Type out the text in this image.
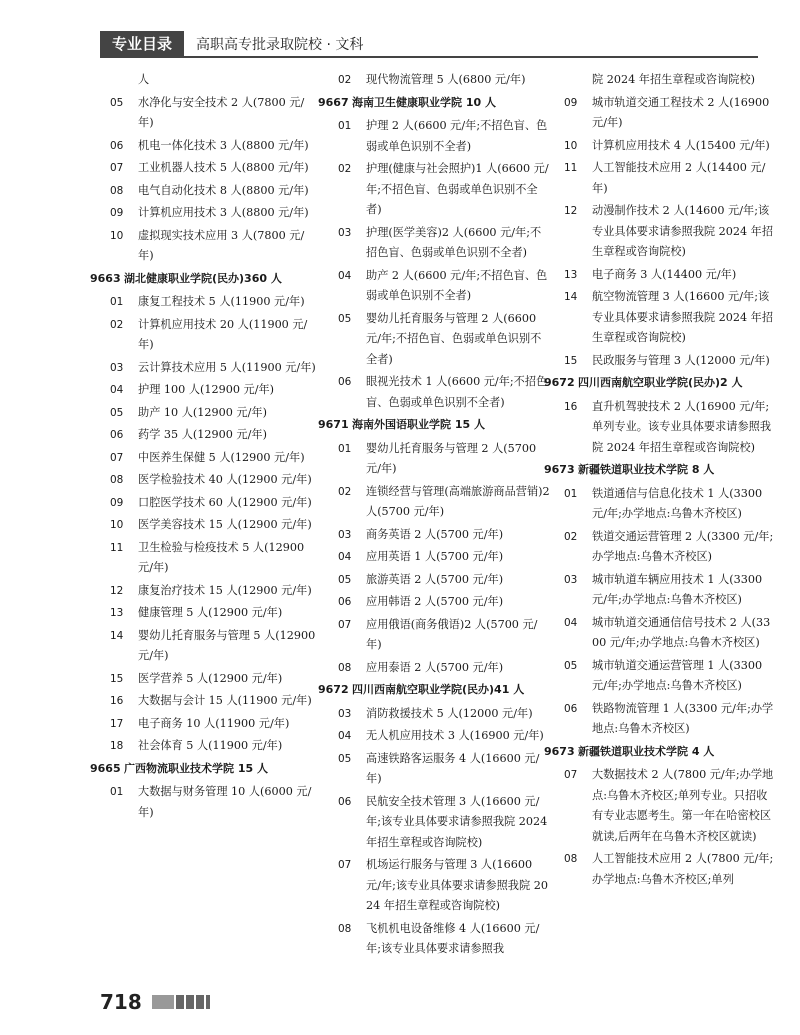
专业目录	高职高专批录取院校 · 文科
人
05	水净化与安全技术 2 人(7800 元/年)
06	机电一体化技术 3 人(8800 元/年)
07	工业机器人技术 5 人(8800 元/年)
08	电气自动化技术 8 人(8800 元/年)
09	计算机应用技术 3 人(8800 元/年)
10	虚拟现实技术应用 3 人(7800 元/年)
9663 湖北健康职业学院(民办)360 人
01	康复工程技术 5 人(11900 元/年)
02	计算机应用技术 20 人(11900 元/年)
03	云计算技术应用 5 人(11900 元/年)
04	护理 100 人(12900 元/年)
05	助产 10 人(12900 元/年)
06	药学 35 人(12900 元/年)
07	中医养生保健 5 人(12900 元/年)
08	医学检验技术 40 人(12900 元/年)
09	口腔医学技术 60 人(12900 元/年)
10	医学美容技术 15 人(12900 元/年)
11	卫生检验与检疫技术 5 人(12900 元/年)
12	康复治疗技术 15 人(12900 元/年)
13	健康管理 5 人(12900 元/年)
14	婴幼儿托育服务与管理 5 人(12900 元/年)
15	医学营养 5 人(12900 元/年)
16	大数据与会计 15 人(11900 元/年)
17	电子商务 10 人(11900 元/年)
18	社会体育 5 人(11900 元/年)
9665 广西物流职业技术学院 15 人
01	大数据与财务管理 10 人(6000 元/年)
02	现代物流管理 5 人(6800 元/年)
9667 海南卫生健康职业学院 10 人
01	护理 2 人(6600 元/年;不招色盲、色弱或单色识别不全者)
02	护理(健康与社会照护)1 人(6600 元/年;不招色盲、色弱或单色识别不全者)
03	护理(医学美容)2 人(6600 元/年;不招色盲、色弱或单色识别不全者)
04	助产 2 人(6600 元/年;不招色盲、色弱或单色识别不全者)
05	婴幼儿托育服务与管理 2 人(6600 元/年;不招色盲、色弱或单色识别不全者)
06	眼视光技术 1 人(6600 元/年;不招色盲、色弱或单色识别不全者)
9671 海南外国语职业学院 15 人
01	婴幼儿托育服务与管理 2 人(5700 元/年)
02	连锁经营与管理(高端旅游商品营销)2 人(5700 元/年)
03	商务英语 2 人(5700 元/年)
04	应用英语 1 人(5700 元/年)
05	旅游英语 2 人(5700 元/年)
06	应用韩语 2 人(5700 元/年)
07	应用俄语(商务俄语)2 人(5700 元/年)
08	应用泰语 2 人(5700 元/年)
9672 四川西南航空职业学院(民办)41 人
03	消防救援技术 5 人(12000 元/年)
04	无人机应用技术 3 人(16900 元/年)
05	高速铁路客运服务 4 人(16600 元/年)
06	民航安全技术管理 3 人(16600 元/年;该专业具体要求请参照我院 2024 年招生章程或咨询院校)
07	机场运行服务与管理 3 人(16600 元/年;该专业具体要求请参照我院 2024 年招生章程或咨询院校)
08	飞机机电设备维修 4 人(16600 元/年;该专业具体要求请参照我
院 2024 年招生章程或咨询院校)
09	城市轨道交通工程技术 2 人(16900 元/年)
10	计算机应用技术 4 人(15400 元/年)
11	人工智能技术应用 2 人(14400 元/年)
12	动漫制作技术 2 人(14600 元/年;该专业具体要求请参照我院 2024 年招生章程或咨询院校)
13	电子商务 3 人(14400 元/年)
14	航空物流管理 3 人(16600 元/年;该专业具体要求请参照我院 2024 年招生章程或咨询院校)
15	民政服务与管理 3 人(12000 元/年)
9672 四川西南航空职业学院(民办)2 人
16	直升机驾驶技术 2 人(16900 元/年;单列专业。该专业具体要求请参照我院 2024 年招生章程或咨询院校)
9673 新疆铁道职业技术学院 8 人
01	铁道通信与信息化技术 1 人(3300 元/年;办学地点:乌鲁木齐校区)
02	铁道交通运营管理 2 人(3300 元/年;办学地点:乌鲁木齐校区)
03	城市轨道车辆应用技术 1 人(3300 元/年;办学地点:乌鲁木齐校区)
04	城市轨道交通通信信号技术 2 人(3300 元/年;办学地点:乌鲁木齐校区)
05	城市轨道交通运营管理 1 人(3300 元/年;办学地点:乌鲁木齐校区)
06	铁路物流管理 1 人(3300 元/年;办学地点:乌鲁木齐校区)
9673 新疆铁道职业技术学院 4 人
07	大数据技术 2 人(7800 元/年;办学地点:乌鲁木齐校区;单列专业。只招收有专业志愿考生。第一年在哈密校区就读,后两年在乌鲁木齐校区就读)
08	人工智能技术应用 2 人(7800 元/年;办学地点:乌鲁木齐校区;单列
718
